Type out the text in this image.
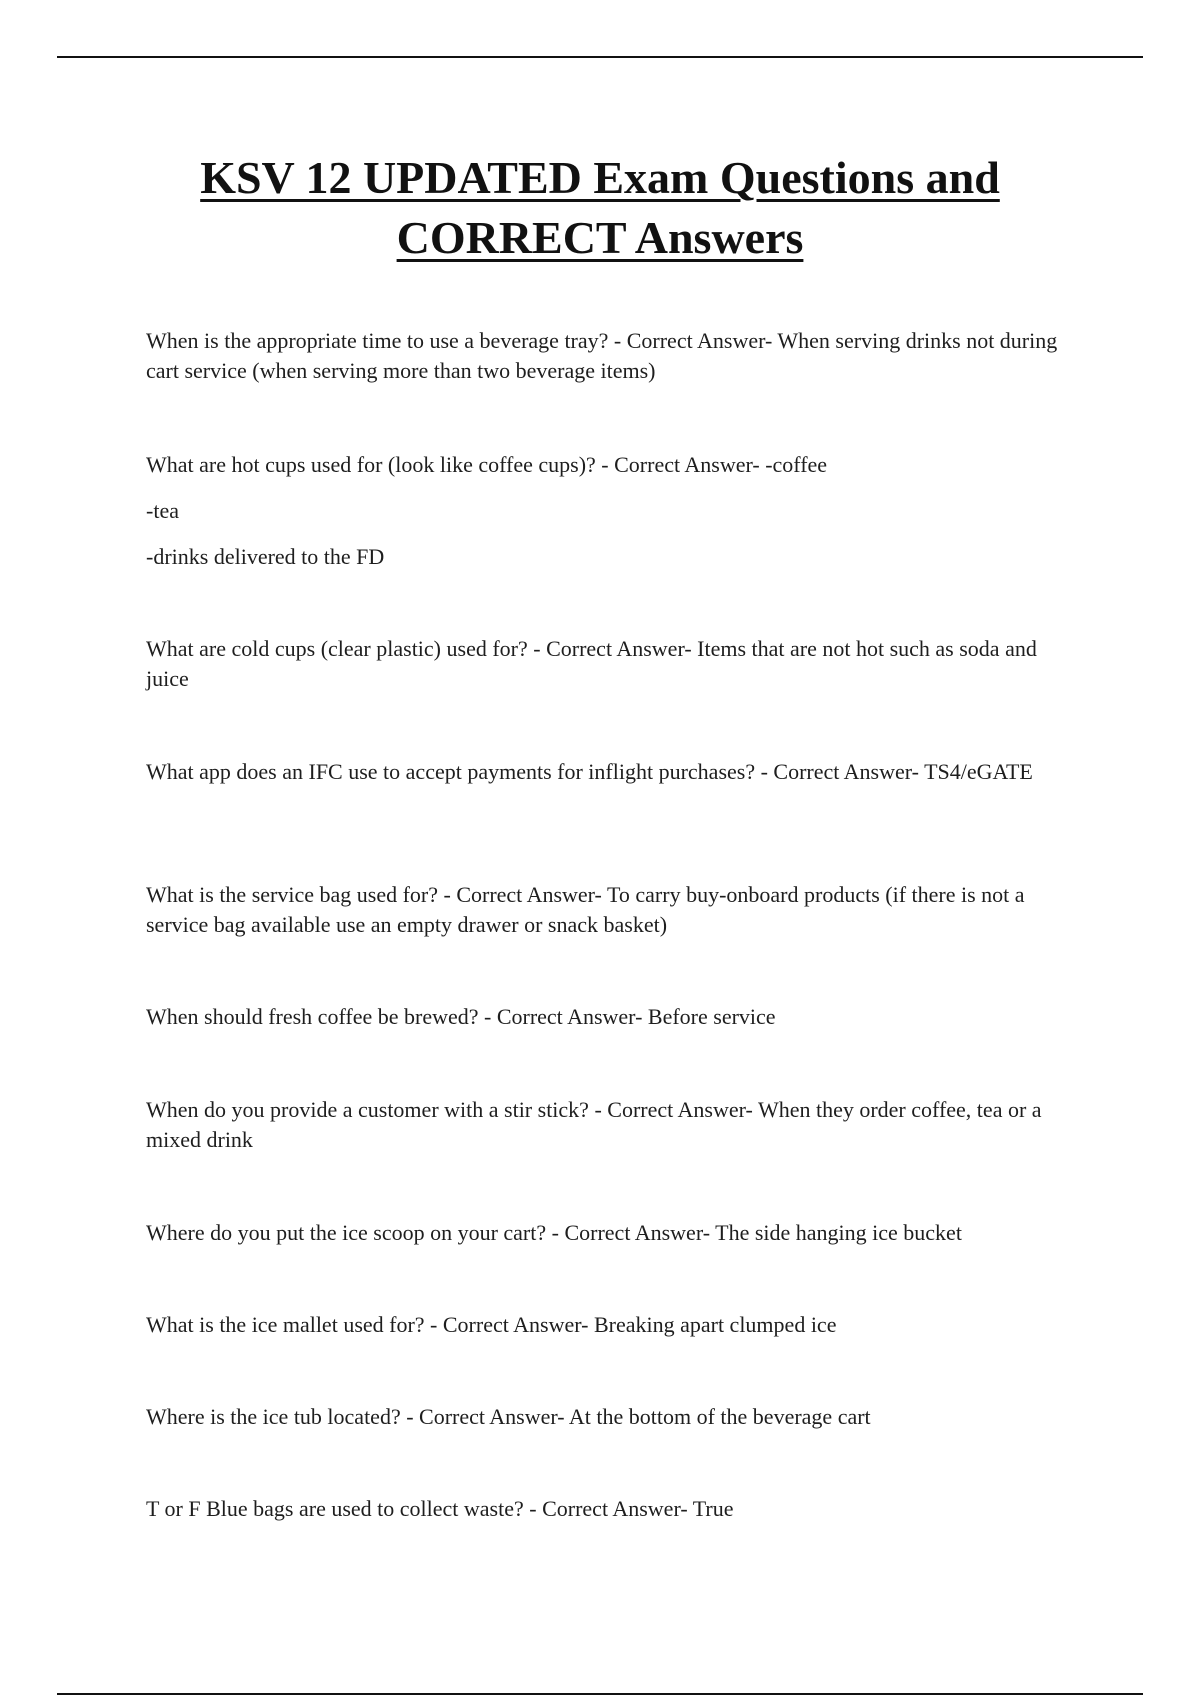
KSV 12 UPDATED Exam Questions and CORRECT Answers

When is the appropriate time to use a beverage tray? - Correct Answer- When serving drinks not during cart service (when serving more than two beverage items)

What are hot cups used for (look like coffee cups)? - Correct Answer- -coffee

-tea

-drinks delivered to the FD

What are cold cups (clear plastic) used for? - Correct Answer- Items that are not hot such as soda and juice

What app does an IFC use to accept payments for inflight purchases? - Correct Answer- TS4/eGATE

What is the service bag used for? - Correct Answer- To carry buy-onboard products (if there is not a service bag available use an empty drawer or snack basket)

When should fresh coffee be brewed? - Correct Answer- Before service

When do you provide a customer with a stir stick? - Correct Answer- When they order coffee, tea or a mixed drink

Where do you put the ice scoop on your cart? - Correct Answer- The side hanging ice bucket

What is the ice mallet used for? - Correct Answer- Breaking apart clumped ice

Where is the ice tub located? - Correct Answer- At the bottom of the beverage cart

T or F Blue bags are used to collect waste? - Correct Answer- True
